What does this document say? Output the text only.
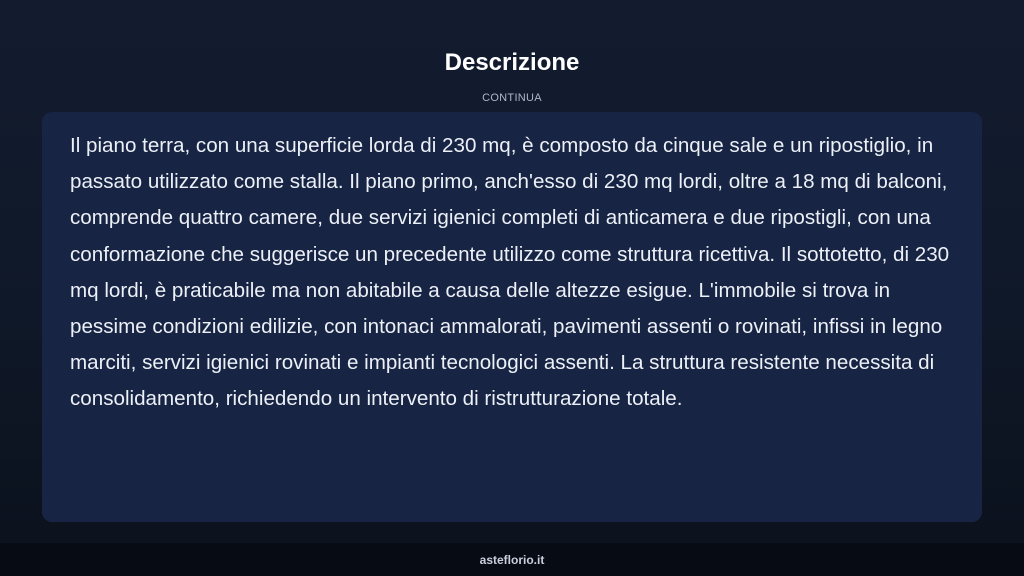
Descrizione

CONTINUA

Il piano terra, con una superficie lorda di 230 mq, è composto da cinque sale e un ripostiglio, in passato utilizzato come stalla. Il piano primo, anch'esso di 230 mq lordi, oltre a 18 mq di balconi, comprende quattro camere, due servizi igienici completi di anticamera e due ripostigli, con una conformazione che suggerisce un precedente utilizzo come struttura ricettiva. Il sottotetto, di 230 mq lordi, è praticabile ma non abitabile a causa delle altezze esigue. L'immobile si trova in pessime condizioni edilizie, con intonaci ammalorati, pavimenti assenti o rovinati, infissi in legno marciti, servizi igienici rovinati e impianti tecnologici assenti. La struttura resistente necessita di consolidamento, richiedendo un intervento di ristrutturazione totale.

asteflorio.it
